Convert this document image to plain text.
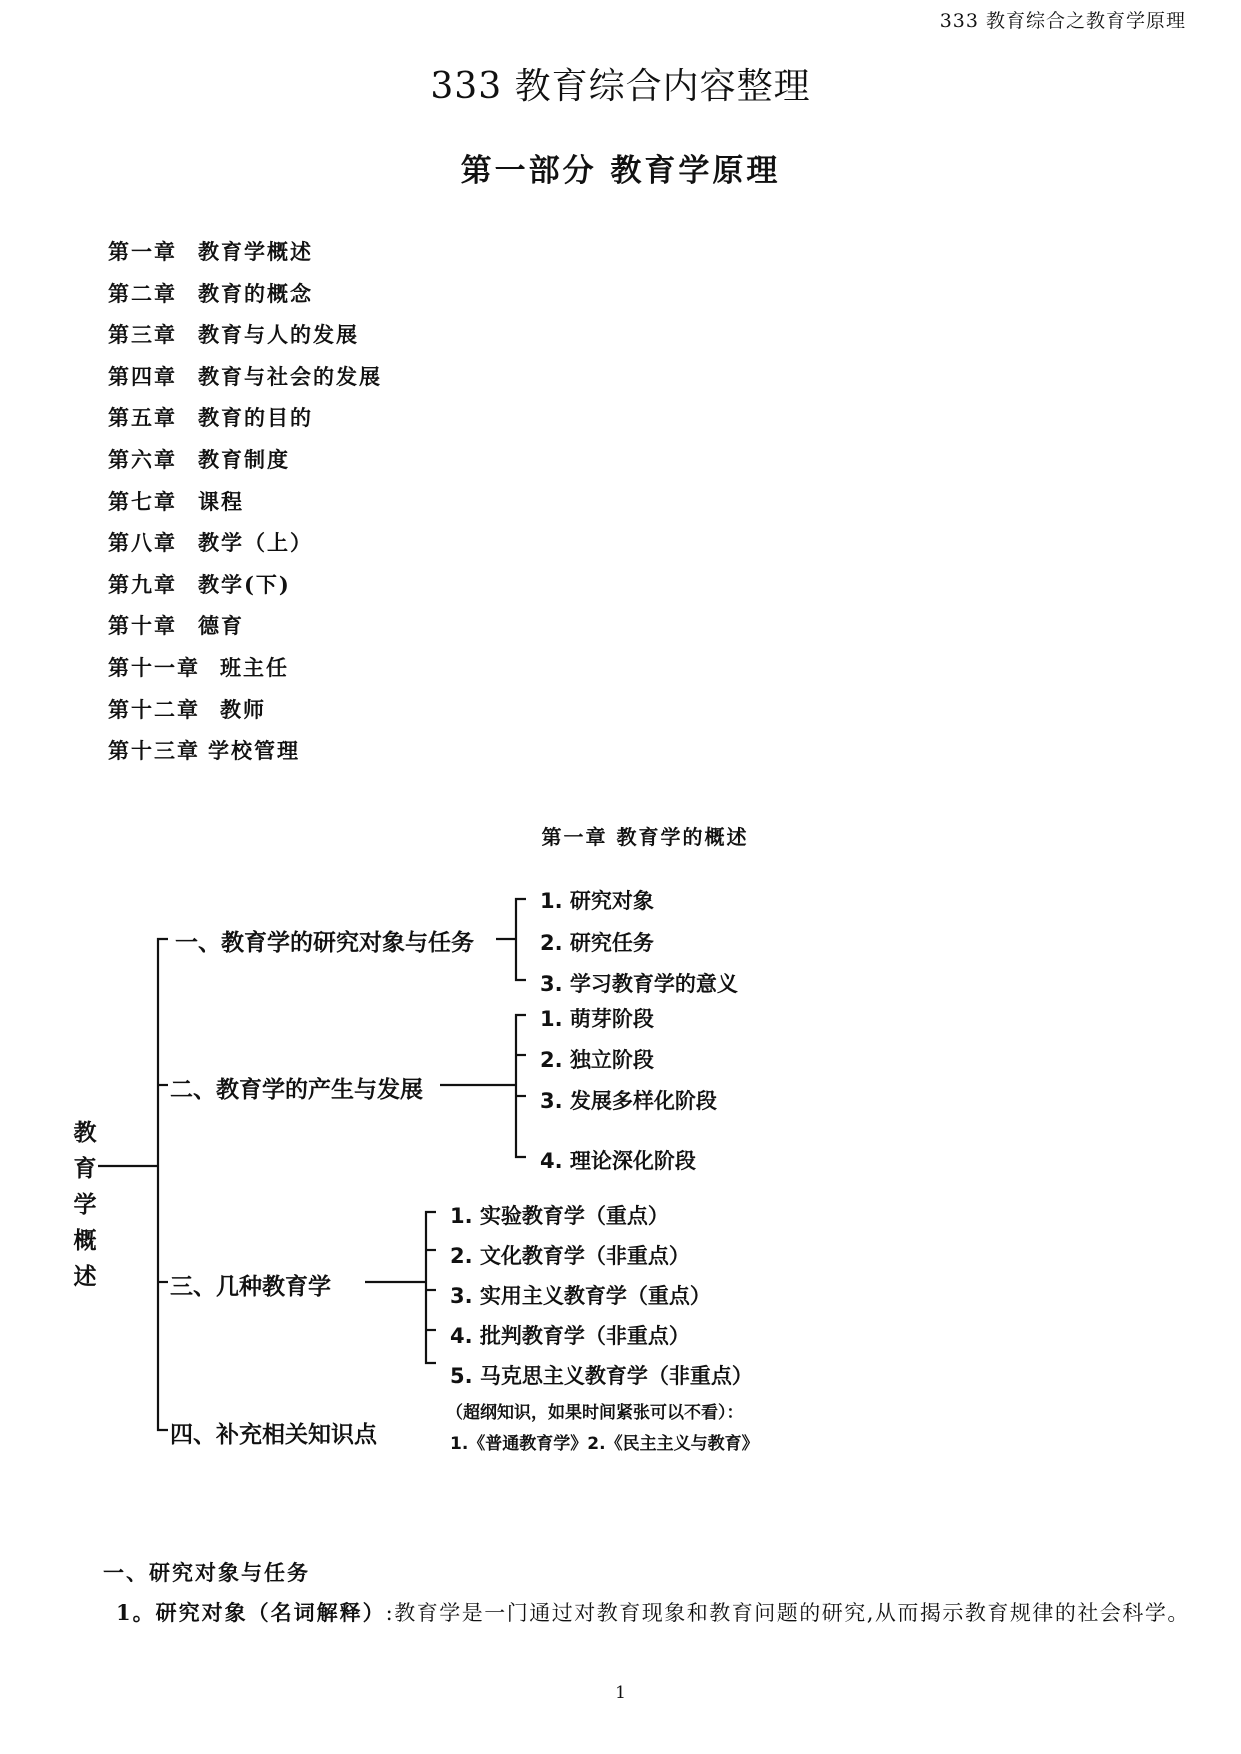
333 教育综合之教育学原理
333 教育综合内容整理
第一部分 教育学原理
第一章	教育学概述
第二章	教育的概念
第三章	教育与人的发展
第四章	教育与社会的发展
第五章	教育的目的
第六章	教育制度
第七章	课程
第八章	教学（上）
第九章	教学(下)
第十章	德育
第十一章 班主任
第十二章 教师
第十三章 学校管理
第一章 教育学的概述
教育学概述
一、教育学的研究对象与任务
1. 研究对象
2. 研究任务
3. 学习教育学的意义
二、教育学的产生与发展
1. 萌芽阶段
2. 独立阶段
3. 发展多样化阶段
4. 理论深化阶段
三、几种教育学
1. 实验教育学（重点）
2. 文化教育学（非重点）
3. 实用主义教育学（重点）
4. 批判教育学（非重点）
5. 马克思主义教育学（非重点）
四、补充相关知识点
（超纲知识，如果时间紧张可以不看）：
1.《普通教育学》2.《民主主义与教育》
一、研究对象与任务
1。研究对象（名词解释）:教育学是一门通过对教育现象和教育问题的研究,从而揭示教育规律的社会科学。
1
